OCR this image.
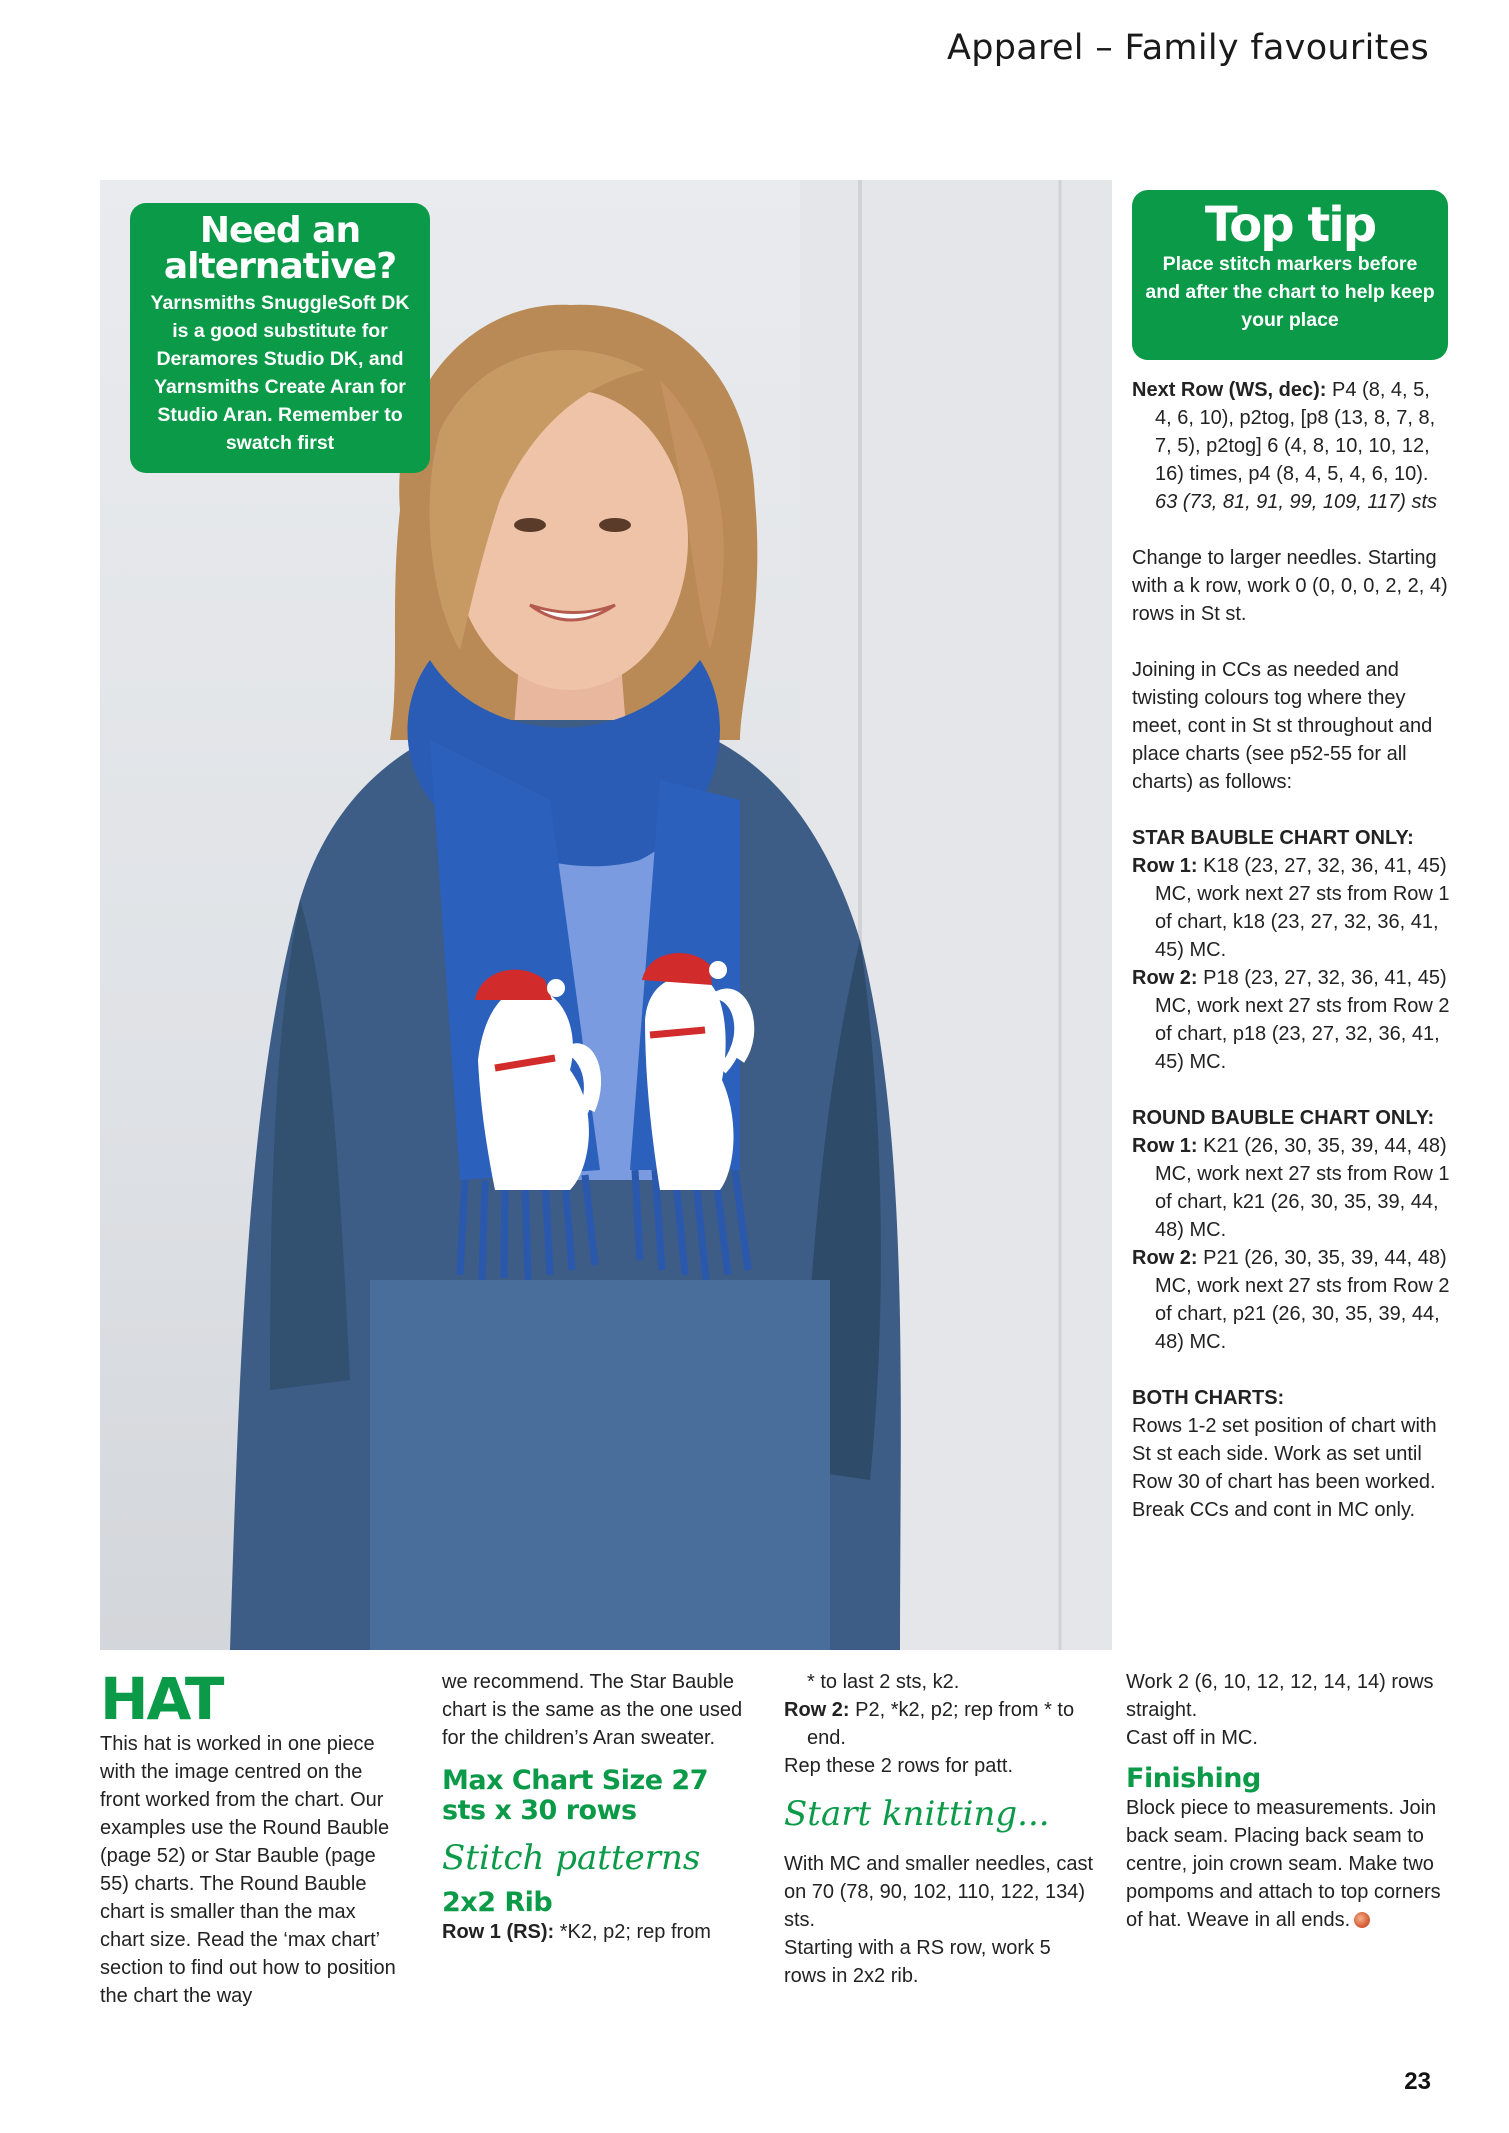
Apparel – Family favourites
Need an
alternative?
Yarnsmiths SnuggleSoft DK is a good substitute for Deramores Studio DK, and Yarnsmiths Create Aran for Studio Aran. Remember to swatch first
Top tip
Place stitch markers before and after the chart to help keep your place

Next Row (WS, dec): P4 (8, 4, 5, 4, 6, 10), p2tog, [p8 (13, 8, 7, 8, 7, 5), p2tog] 6 (4, 8, 10, 10, 12, 16) times, p4 (8, 4, 5, 4, 6, 10). 63 (73, 81, 91, 99, 109, 117) sts

Change to larger needles. Starting with a k row, work 0 (0, 0, 0, 2, 2, 4) rows in St st.

Joining in CCs as needed and twisting colours tog where they meet, cont in St st throughout and place charts (see p52-55 for all charts) as follows:

STAR BAUBLE CHART ONLY:

Row 1: K18 (23, 27, 32, 36, 41, 45) MC, work next 27 sts from Row 1 of chart, k18 (23, 27, 32, 36, 41, 45) MC.

Row 2: P18 (23, 27, 32, 36, 41, 45) MC, work next 27 sts from Row 2 of chart, p18 (23, 27, 32, 36, 41, 45) MC.

ROUND BAUBLE CHART ONLY:

Row 1: K21 (26, 30, 35, 39, 44, 48) MC, work next 27 sts from Row 1 of chart, k21 (26, 30, 35, 39, 44, 48) MC.

Row 2: P21 (26, 30, 35, 39, 44, 48) MC, work next 27 sts from Row 2 of chart, p21 (26, 30, 35, 39, 44, 48) MC.

BOTH CHARTS:

Rows 1-2 set position of chart with St st each side. Work as set until Row 30 of chart has been worked. Break CCs and cont in MC only.

HAT

This hat is worked in one piece with the image centred on the front worked from the chart. Our examples use the Round Bauble (page 52) or Star Bauble (page 55) charts. The Round Bauble chart is smaller than the max chart size. Read the ‘max chart’ section to find out how to position the chart the way

we recommend. The Star Bauble chart is the same as the one used for the children’s Aran sweater.

Max Chart Size 27 sts x 30 rows
Stitch patterns
2x2 Rib

Row 1 (RS): *K2, p2; rep from

* to last 2 sts, k2.

Row 2: P2, *k2, p2; rep from * to end.

Rep these 2 rows for patt.

Start knitting...

With MC and smaller needles, cast on 70 (78, 90, 102, 110, 122, 134) sts.

Starting with a RS row, work 5 rows in 2x2 rib.

Work 2 (6, 10, 12, 12, 14, 14) rows straight.

Cast off in MC.

Finishing

Block piece to measurements. Join back seam. Placing back seam to centre, join crown seam. Make two pompoms and attach to top corners of hat. Weave in all ends.

23
